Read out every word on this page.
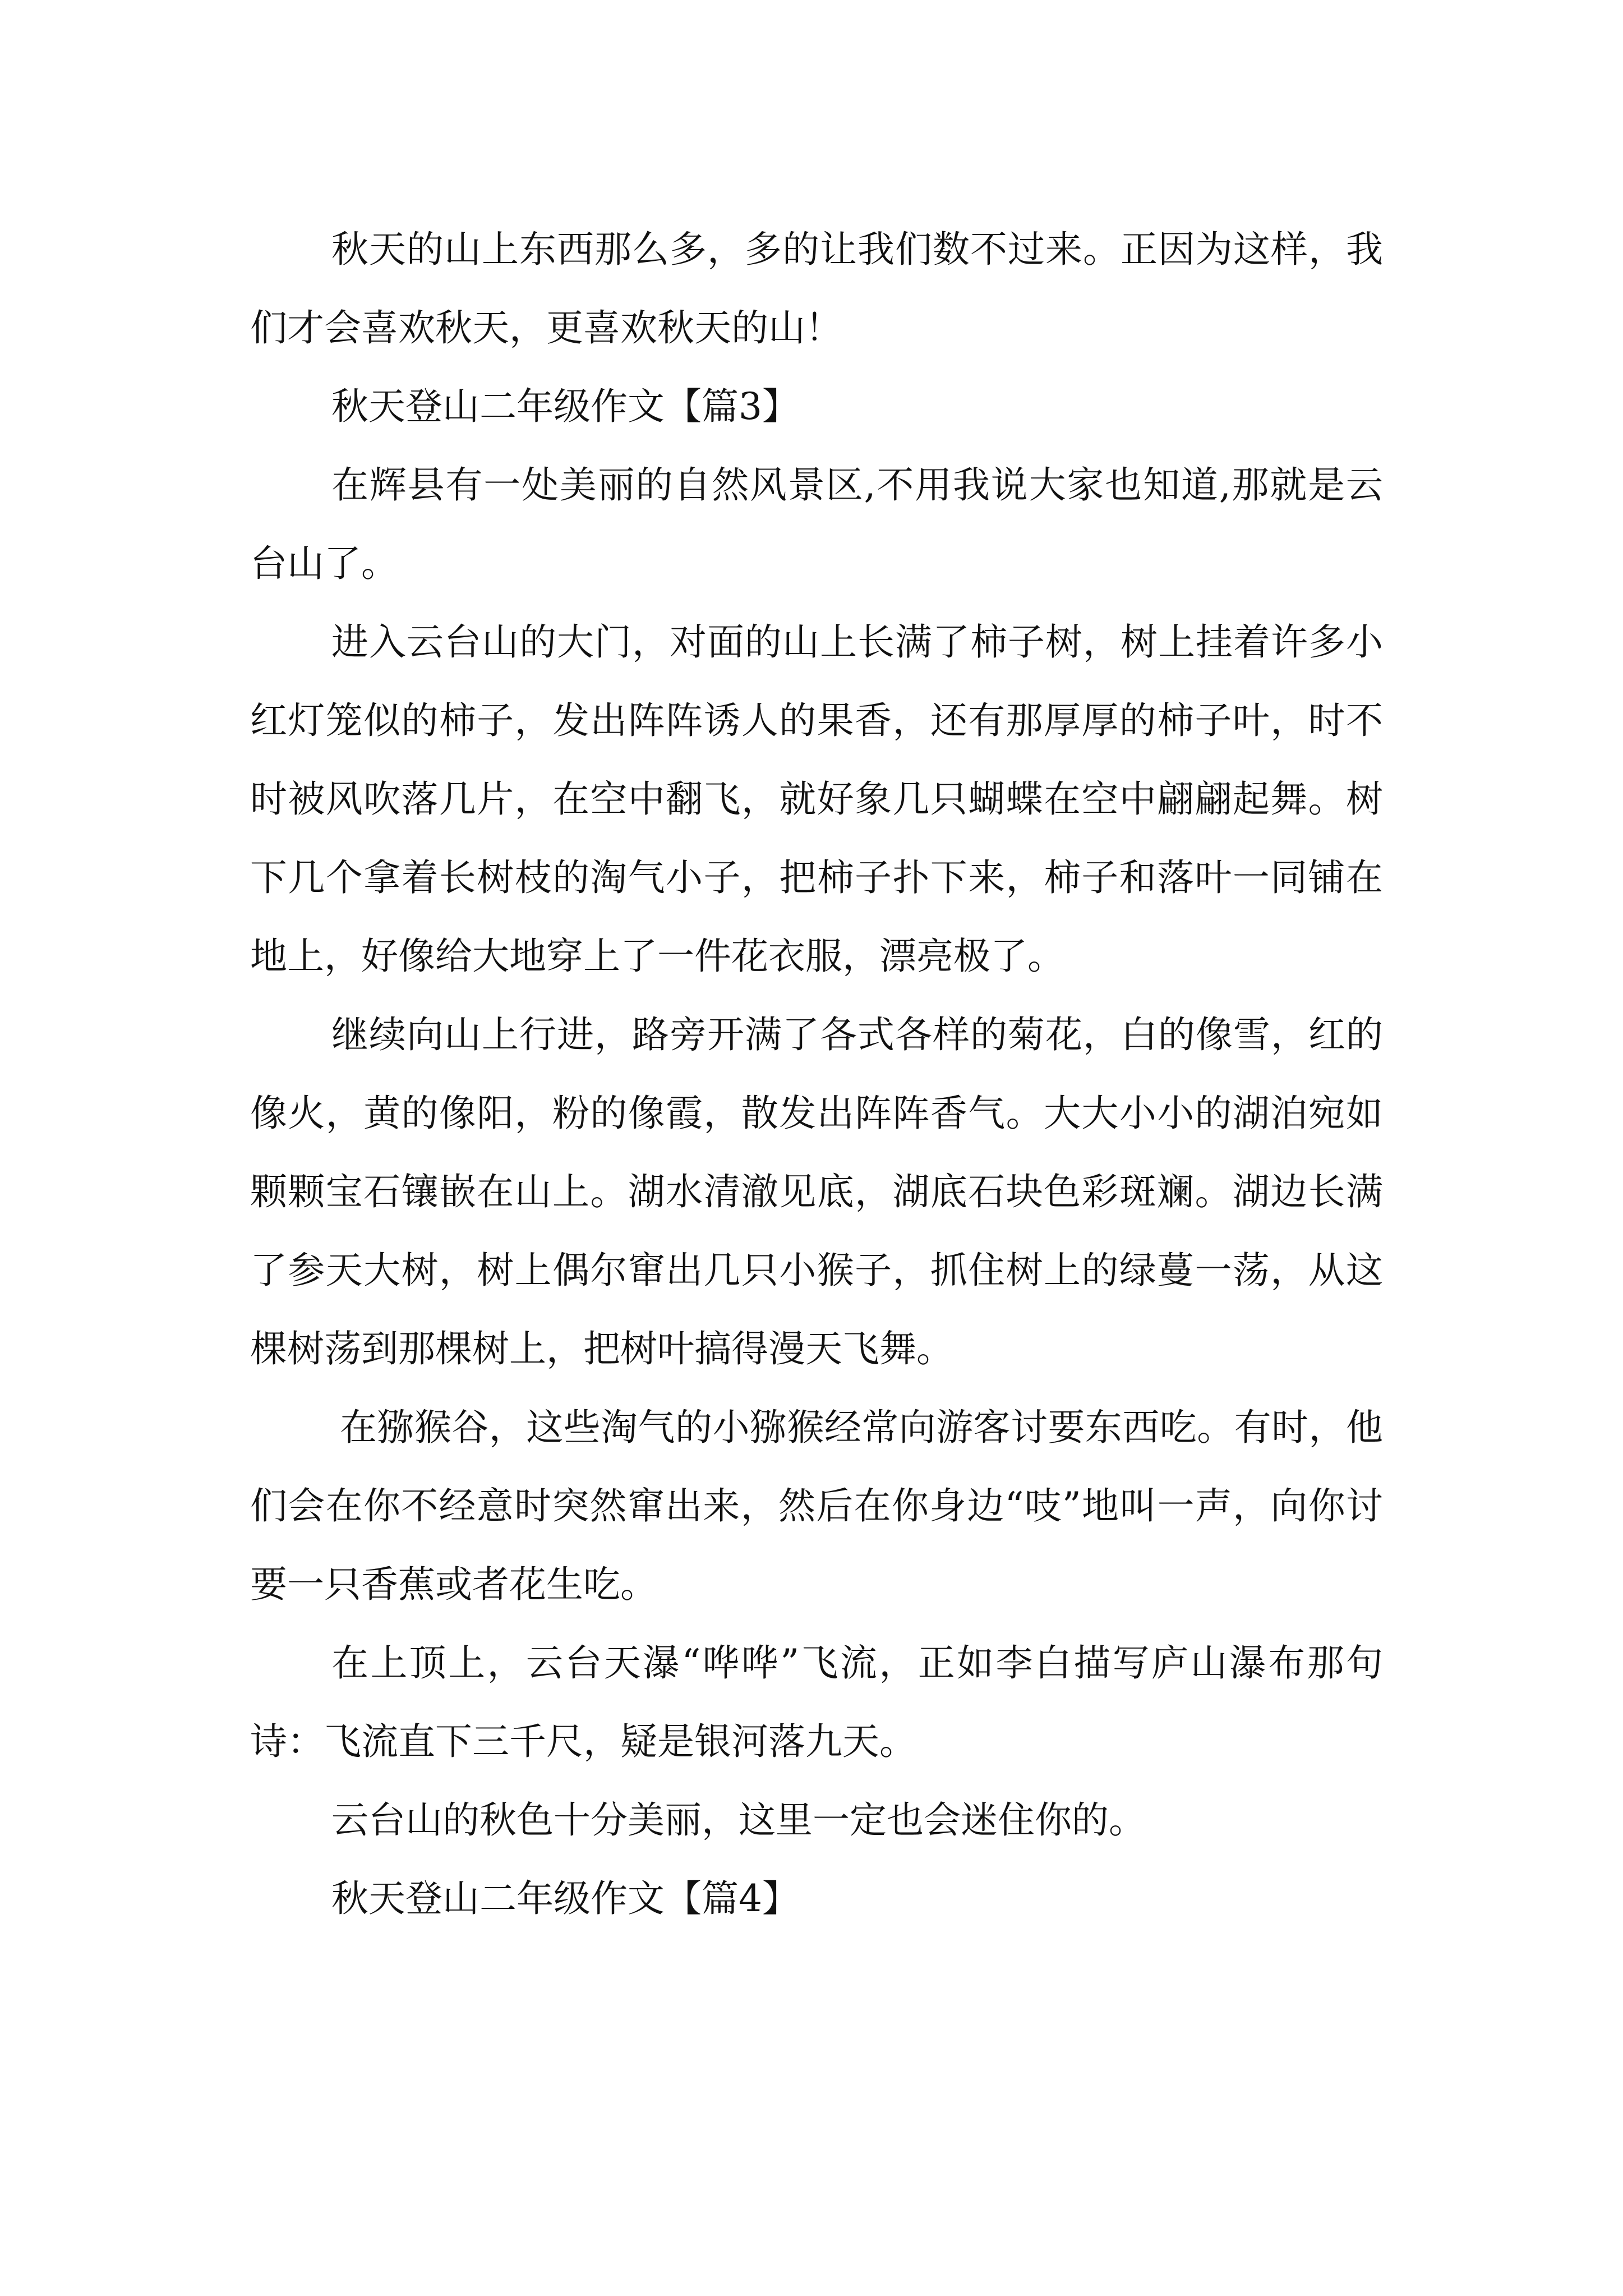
秋天的山上东西那么多，多的让我们数不过来。正因为这样，我们才会喜欢秋天，更喜欢秋天的山！

秋天登山二年级作文【篇3】

在辉县有一处美丽的自然风景区,不用我说大家也知道,那就是云台山了。

进入云台山的大门，对面的山上长满了柿子树，树上挂着许多小红灯笼似的柿子，发出阵阵诱人的果香，还有那厚厚的柿子叶，时不时被风吹落几片，在空中翻飞，就好象几只蝴蝶在空中翩翩起舞。树下几个拿着长树枝的淘气小子，把柿子扑下来，柿子和落叶一同铺在地上，好像给大地穿上了一件花衣服，漂亮极了。

继续向山上行进，路旁开满了各式各样的菊花，白的像雪，红的像火，黄的像阳，粉的像霞，散发出阵阵香气。大大小小的湖泊宛如颗颗宝石镶嵌在山上。湖水清澈见底，湖底石块色彩斑斓。湖边长满了参天大树，树上偶尔窜出几只小猴子，抓住树上的绿蔓一荡，从这棵树荡到那棵树上，把树叶搞得漫天飞舞。

在猕猴谷，这些淘气的小猕猴经常向游客讨要东西吃。有时，他们会在你不经意时突然窜出来，然后在你身边“吱”地叫一声，向你讨要一只香蕉或者花生吃。

在上顶上，云台天瀑“哗哗”飞流，正如李白描写庐山瀑布那句诗：飞流直下三千尺，疑是银河落九天。

云台山的秋色十分美丽，这里一定也会迷住你的。

秋天登山二年级作文【篇4】
